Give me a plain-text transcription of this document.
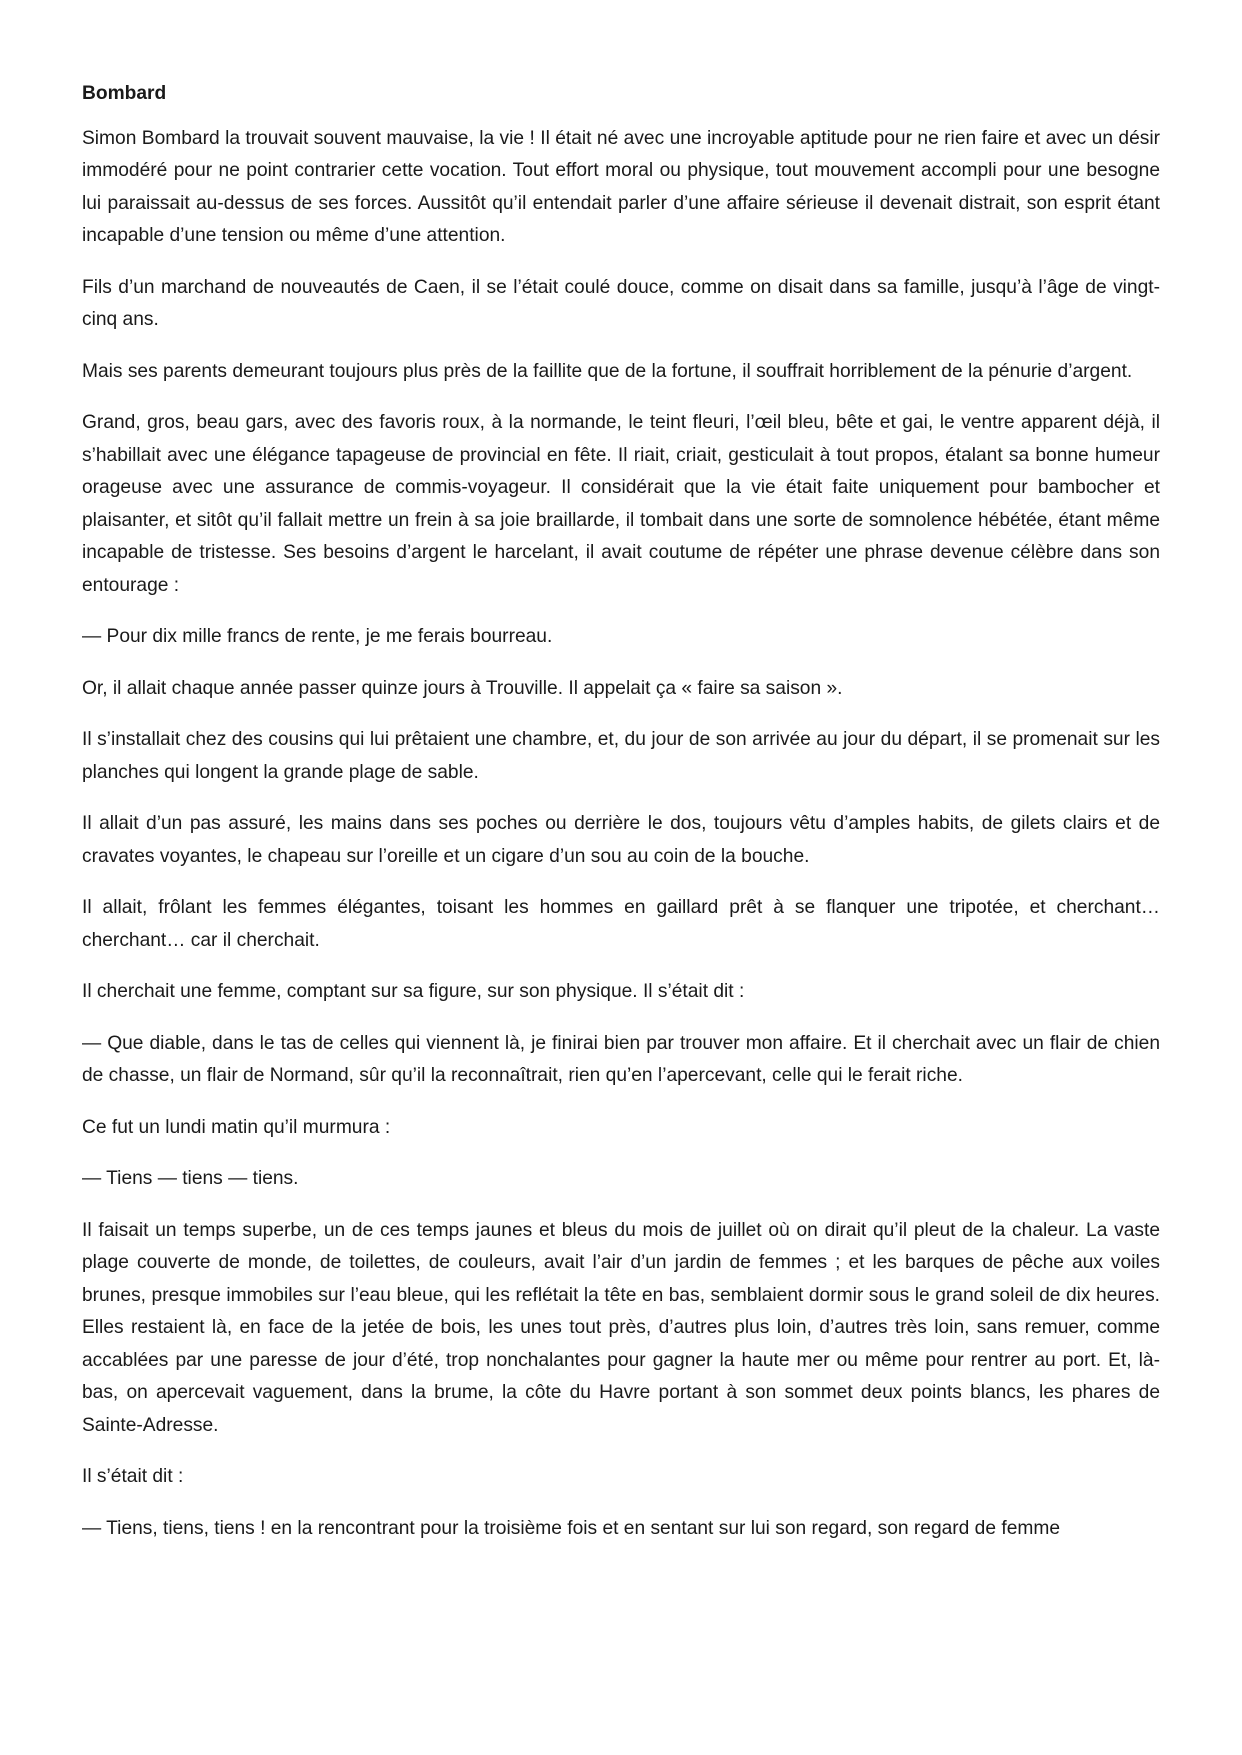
Bombard

Simon Bombard la trouvait souvent mauvaise, la vie ! Il était né avec une incroyable aptitude pour ne rien faire et avec un désir immodéré pour ne point contrarier cette vocation. Tout effort moral ou physique, tout mouvement accompli pour une besogne lui paraissait au-dessus de ses forces. Aussitôt qu’il entendait parler d’une affaire sérieuse il devenait distrait, son esprit étant incapable d’une tension ou même d’une attention.

Fils d’un marchand de nouveautés de Caen, il se l’était coulé douce, comme on disait dans sa famille, jusqu’à l’âge de vingt-cinq ans.

Mais ses parents demeurant toujours plus près de la faillite que de la fortune, il souffrait horriblement de la pénurie d’argent.

Grand, gros, beau gars, avec des favoris roux, à la normande, le teint fleuri, l’œil bleu, bête et gai, le ventre apparent déjà, il s’habillait avec une élégance tapageuse de provincial en fête. Il riait, criait, gesticulait à tout propos, étalant sa bonne humeur orageuse avec une assurance de commis-voyageur. Il considérait que la vie était faite uniquement pour bambocher et plaisanter, et sitôt qu’il fallait mettre un frein à sa joie braillarde, il tombait dans une sorte de somnolence hébétée, étant même incapable de tristesse. Ses besoins d’argent le harcelant, il avait coutume de répéter une phrase devenue célèbre dans son entourage :

— Pour dix mille francs de rente, je me ferais bourreau.

Or, il allait chaque année passer quinze jours à Trouville. Il appelait ça « faire sa saison ».

Il s’installait chez des cousins qui lui prêtaient une chambre, et, du jour de son arrivée au jour du départ, il se promenait sur les planches qui longent la grande plage de sable.

Il allait d’un pas assuré, les mains dans ses poches ou derrière le dos, toujours vêtu d’amples habits, de gilets clairs et de cravates voyantes, le chapeau sur l’oreille et un cigare d’un sou au coin de la bouche.

Il allait, frôlant les femmes élégantes, toisant les hommes en gaillard prêt à se flanquer une tripotée, et cherchant… cherchant… car il cherchait.

Il cherchait une femme, comptant sur sa figure, sur son physique. Il s’était dit :

— Que diable, dans le tas de celles qui viennent là, je finirai bien par trouver mon affaire. Et il cherchait avec un flair de chien de chasse, un flair de Normand, sûr qu’il la reconnaîtrait, rien qu’en l’apercevant, celle qui le ferait riche.

Ce fut un lundi matin qu’il murmura :

— Tiens — tiens — tiens.

Il faisait un temps superbe, un de ces temps jaunes et bleus du mois de juillet où on dirait qu’il pleut de la chaleur. La vaste plage couverte de monde, de toilettes, de couleurs, avait l’air d’un jardin de femmes ; et les barques de pêche aux voiles brunes, presque immobiles sur l’eau bleue, qui les reflétait la tête en bas, semblaient dormir sous le grand soleil de dix heures. Elles restaient là, en face de la jetée de bois, les unes tout près, d’autres plus loin, d’autres très loin, sans remuer, comme accablées par une paresse de jour d’été, trop nonchalantes pour gagner la haute mer ou même pour rentrer au port. Et, là-bas, on apercevait vaguement, dans la brume, la côte du Havre portant à son sommet deux points blancs, les phares de Sainte-Adresse.

Il s’était dit :

— Tiens, tiens, tiens ! en la rencontrant pour la troisième fois et en sentant sur lui son regard, son regard de femme
